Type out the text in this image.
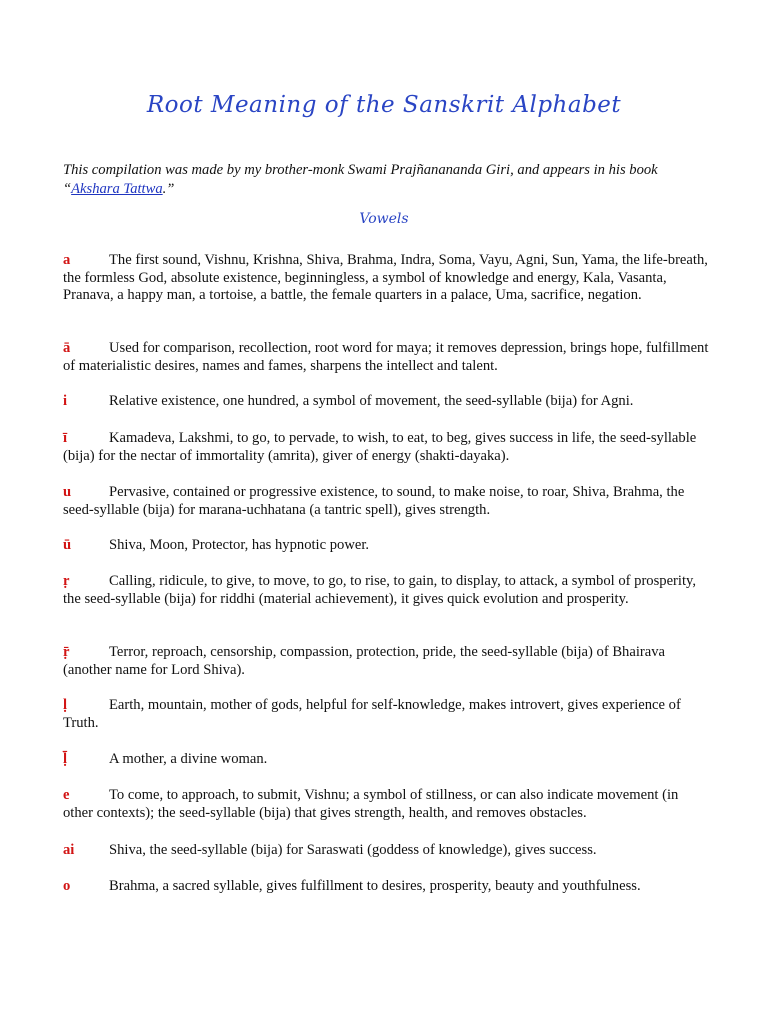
Root Meaning of the Sanskrit Alphabet
This compilation was made by my brother-monk Swami Prajñanananda Giri, and appears in his book “Akshara Tattwa.”
Vowels
a	The first sound, Vishnu, Krishna, Shiva, Brahma, Indra, Soma, Vayu, Agni, Sun, Yama, the life-breath, the formless God, absolute existence, beginningless, a symbol of knowledge and energy, Kala, Vasanta, Pranava, a happy man, a tortoise, a battle, the female quarters in a palace, Uma, sacrifice, negation.
ā	Used for comparison, recollection, root word for maya; it removes depression, brings hope, fulfillment of materialistic desires, names and fames, sharpens the intellect and talent.
i	Relative existence, one hundred, a symbol of movement, the seed-syllable (bija) for Agni.
ī	Kamadeva, Lakshmi, to go, to pervade, to wish, to eat, to beg, gives success in life, the seed-syllable (bija) for the nectar of immortality (amrita), giver of energy (shakti-dayaka).
u	Pervasive, contained or progressive existence, to sound, to make noise, to roar, Shiva, Brahma, the seed-syllable (bija) for marana-uchhatana (a tantric spell), gives strength.
ū	Shiva, Moon, Protector, has hypnotic power.
ṛ	Calling, ridicule, to give, to move, to go, to rise, to gain, to display, to attack, a symbol of prosperity, the seed-syllable (bija) for riddhi (material achievement), it gives quick evolution and prosperity.
ṝ	Terror, reproach, censorship, compassion, protection, pride, the seed-syllable (bija) of Bhairava (another name for Lord Shiva).
ḷ	Earth, mountain, mother of gods, helpful for self-knowledge, makes introvert, gives experience of Truth.
ḹ	A mother, a divine woman.
e	To come, to approach, to submit, Vishnu; a symbol of stillness, or can also indicate movement (in other contexts); the seed-syllable (bija) that gives strength, health, and removes obstacles.
ai Shiva, the seed-syllable (bija) for Saraswati (goddess of knowledge), gives success.
o	Brahma, a sacred syllable, gives fulfillment to desires, prosperity, beauty and youthfulness.
